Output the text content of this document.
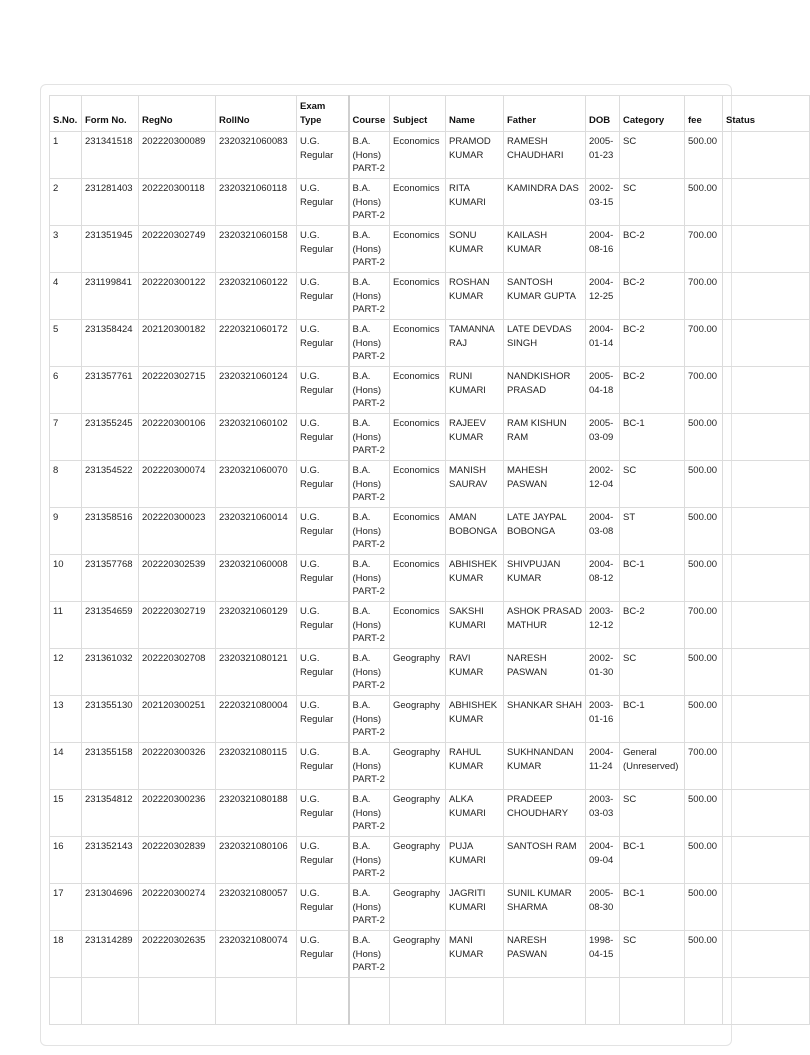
S.No.	Form No.	RegNo	RollNo	Exam Type	Course	Subject	Name	Father	DOB	Category	fee	Status
1	231341518	202220300089	2320321060083	U.G. Regular	B.A. (Hons) PART-2	Economics	PRAMOD KUMAR	RAMESH CHAUDHARI	2005-01-23	SC	500.00	
2	231281403	202220300118	2320321060118	U.G. Regular	B.A. (Hons) PART-2	Economics	RITA KUMARI	KAMINDRA DAS	2002-03-15	SC	500.00	
3	231351945	202220302749	2320321060158	U.G. Regular	B.A. (Hons) PART-2	Economics	SONU KUMAR	KAILASH KUMAR	2004-08-16	BC-2	700.00	
4	231199841	202220300122	2320321060122	U.G. Regular	B.A. (Hons) PART-2	Economics	ROSHAN KUMAR	SANTOSH KUMAR GUPTA	2004-12-25	BC-2	700.00	
5	231358424	202120300182	2220321060172	U.G. Regular	B.A. (Hons) PART-2	Economics	TAMANNA RAJ	LATE DEVDAS SINGH	2004-01-14	BC-2	700.00	
6	231357761	202220302715	2320321060124	U.G. Regular	B.A. (Hons) PART-2	Economics	RUNI KUMARI	NANDKISHOR PRASAD	2005-04-18	BC-2	700.00	
7	231355245	202220300106	2320321060102	U.G. Regular	B.A. (Hons) PART-2	Economics	RAJEEV KUMAR	RAM KISHUN RAM	2005-03-09	BC-1	500.00	
8	231354522	202220300074	2320321060070	U.G. Regular	B.A. (Hons) PART-2	Economics	MANISH SAURAV	MAHESH PASWAN	2002-12-04	SC	500.00	
9	231358516	202220300023	2320321060014	U.G. Regular	B.A. (Hons) PART-2	Economics	AMAN BOBONGA	LATE JAYPAL BOBONGA	2004-03-08	ST	500.00	
10	231357768	202220302539	2320321060008	U.G. Regular	B.A. (Hons) PART-2	Economics	ABHISHEK KUMAR	SHIVPUJAN KUMAR	2004-08-12	BC-1	500.00	
11	231354659	202220302719	2320321060129	U.G. Regular	B.A. (Hons) PART-2	Economics	SAKSHI KUMARI	ASHOK PRASAD MATHUR	2003-12-12	BC-2	700.00	
12	231361032	202220302708	2320321080121	U.G. Regular	B.A. (Hons) PART-2	Geography	RAVI KUMAR	NARESH PASWAN	2002-01-30	SC	500.00	
13	231355130	202120300251	2220321080004	U.G. Regular	B.A. (Hons) PART-2	Geography	ABHISHEK KUMAR	SHANKAR SHAH	2003-01-16	BC-1	500.00	
14	231355158	202220300326	2320321080115	U.G. Regular	B.A. (Hons) PART-2	Geography	RAHUL KUMAR	SUKHNANDAN KUMAR	2004-11-24	General (Unreserved)	700.00	
15	231354812	202220300236	2320321080188	U.G. Regular	B.A. (Hons) PART-2	Geography	ALKA KUMARI	PRADEEP CHOUDHARY	2003-03-03	SC	500.00	
16	231352143	202220302839	2320321080106	U.G. Regular	B.A. (Hons) PART-2	Geography	PUJA KUMARI	SANTOSH RAM	2004-09-04	BC-1	500.00	
17	231304696	202220300274	2320321080057	U.G. Regular	B.A. (Hons) PART-2	Geography	JAGRITI KUMARI	SUNIL KUMAR SHARMA	2005-08-30	BC-1	500.00	
18	231314289	202220302635	2320321080074	U.G. Regular	B.A. (Hons) PART-2	Geography	MANI KUMAR	NARESH PASWAN	1998-04-15	SC	500.00	
